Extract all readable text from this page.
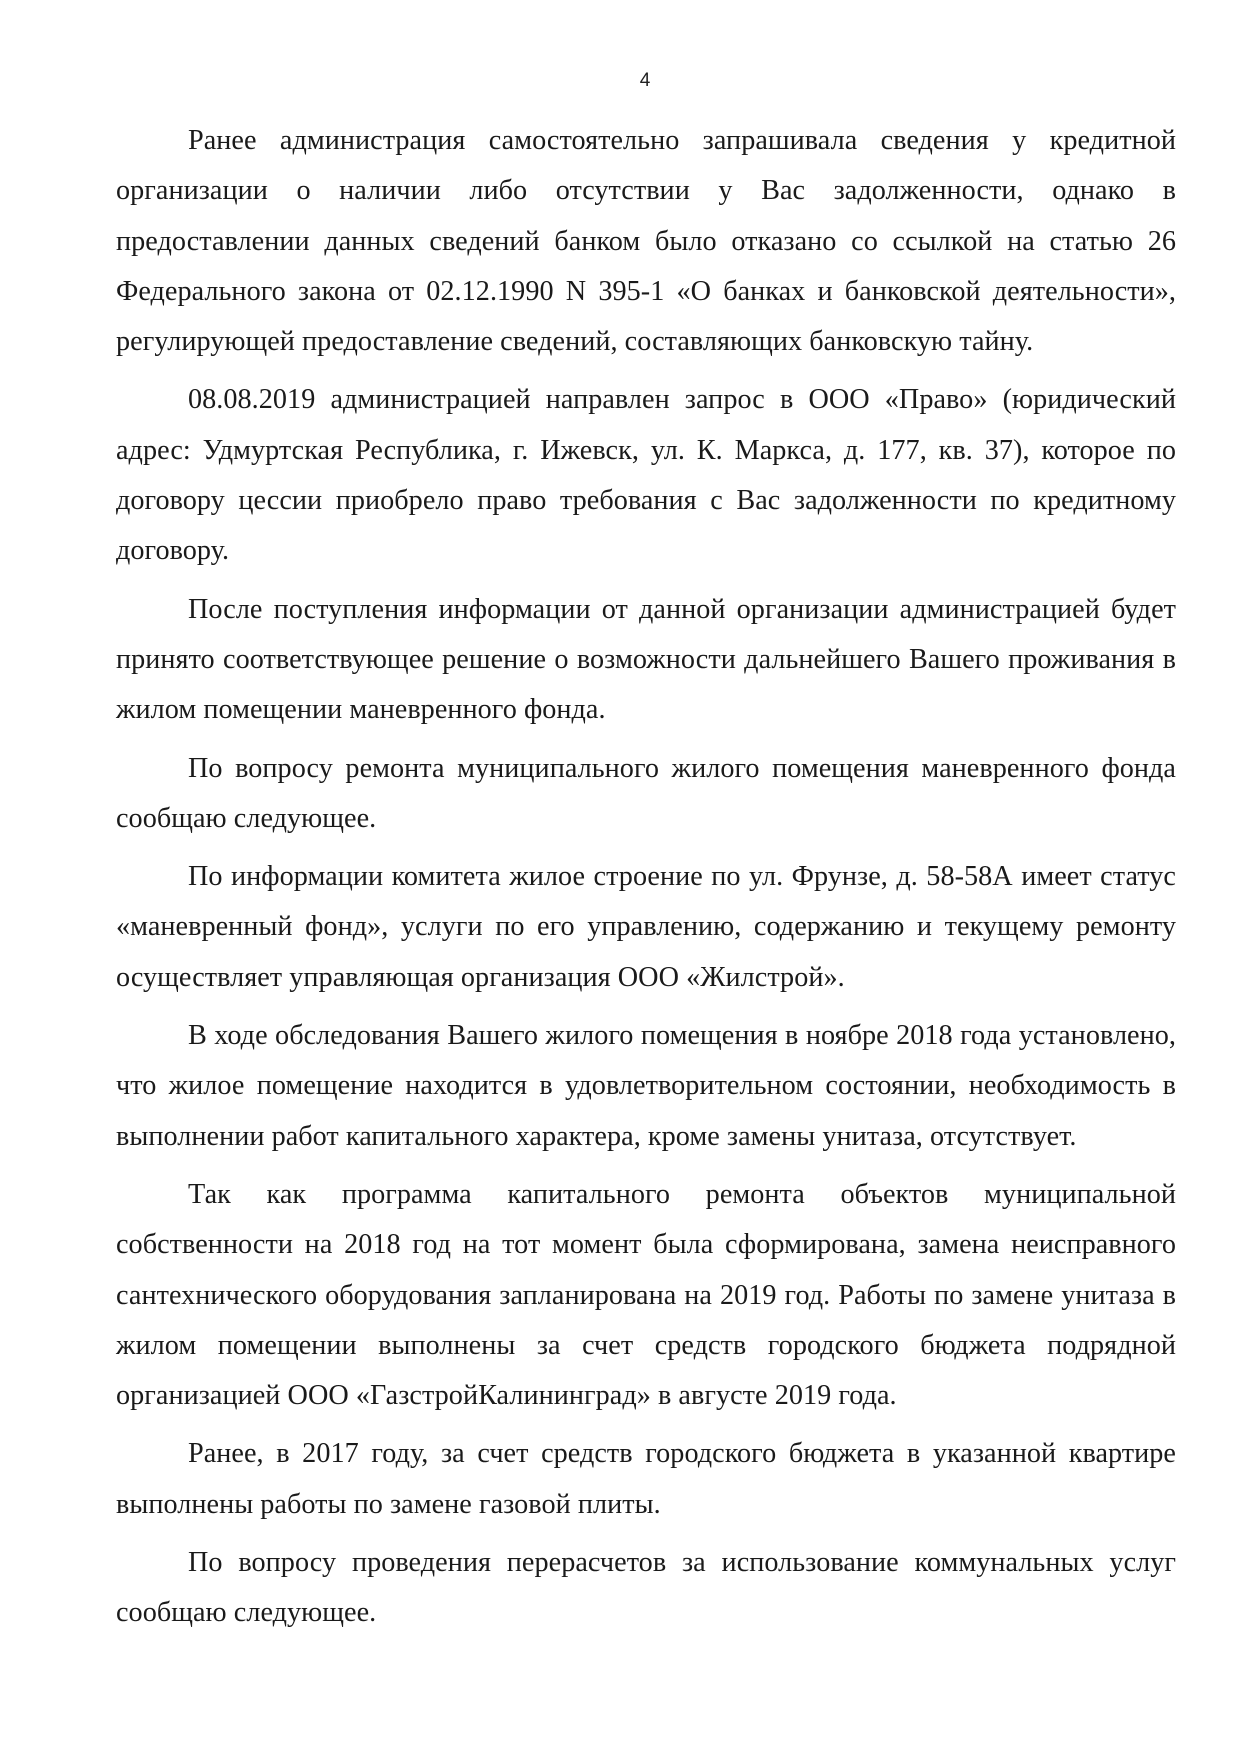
4

Ранее администрация самостоятельно запрашивала сведения у кредитной организации о наличии либо отсутствии у Вас задолженности, однако в предоставлении данных сведений банком было отказано со ссылкой на статью 26 Федерального закона от 02.12.1990 N 395-1 «О банках и банковской деятельности», регулирующей предоставление сведений, составляющих банковскую тайну.

08.08.2019 администрацией направлен запрос в ООО «Право» (юридический адрес: Удмуртская Республика, г. Ижевск, ул. К. Маркса, д. 177, кв. 37), которое по договору цессии приобрело право требования с Вас задолженности по кредитному договору.

После поступления информации от данной организации администрацией будет принято соответствующее решение о возможности дальнейшего Вашего проживания в жилом помещении маневренного фонда.

По вопросу ремонта муниципального жилого помещения маневренного фонда сообщаю следующее.

По информации комитета жилое строение по ул. Фрунзе, д. 58-58А имеет статус «маневренный фонд», услуги по его управлению, содержанию и текущему ремонту осуществляет управляющая организация ООО «Жилстрой».

В ходе обследования Вашего жилого помещения в ноябре 2018 года установлено, что жилое помещение находится в удовлетворительном состоянии, необходимость в выполнении работ капитального характера, кроме замены унитаза, отсутствует.

Так как программа капитального ремонта объектов муниципальной собственности на 2018 год на тот момент была сформирована, замена неисправного сантехнического оборудования запланирована на 2019 год. Работы по замене унитаза в жилом помещении выполнены за счет средств городского бюджета подрядной организацией ООО «ГазстройКалининград» в августе 2019 года.

Ранее, в 2017 году, за счет средств городского бюджета в указанной квартире выполнены работы по замене газовой плиты.

По вопросу проведения перерасчетов за использование коммунальных услуг сообщаю следующее.
